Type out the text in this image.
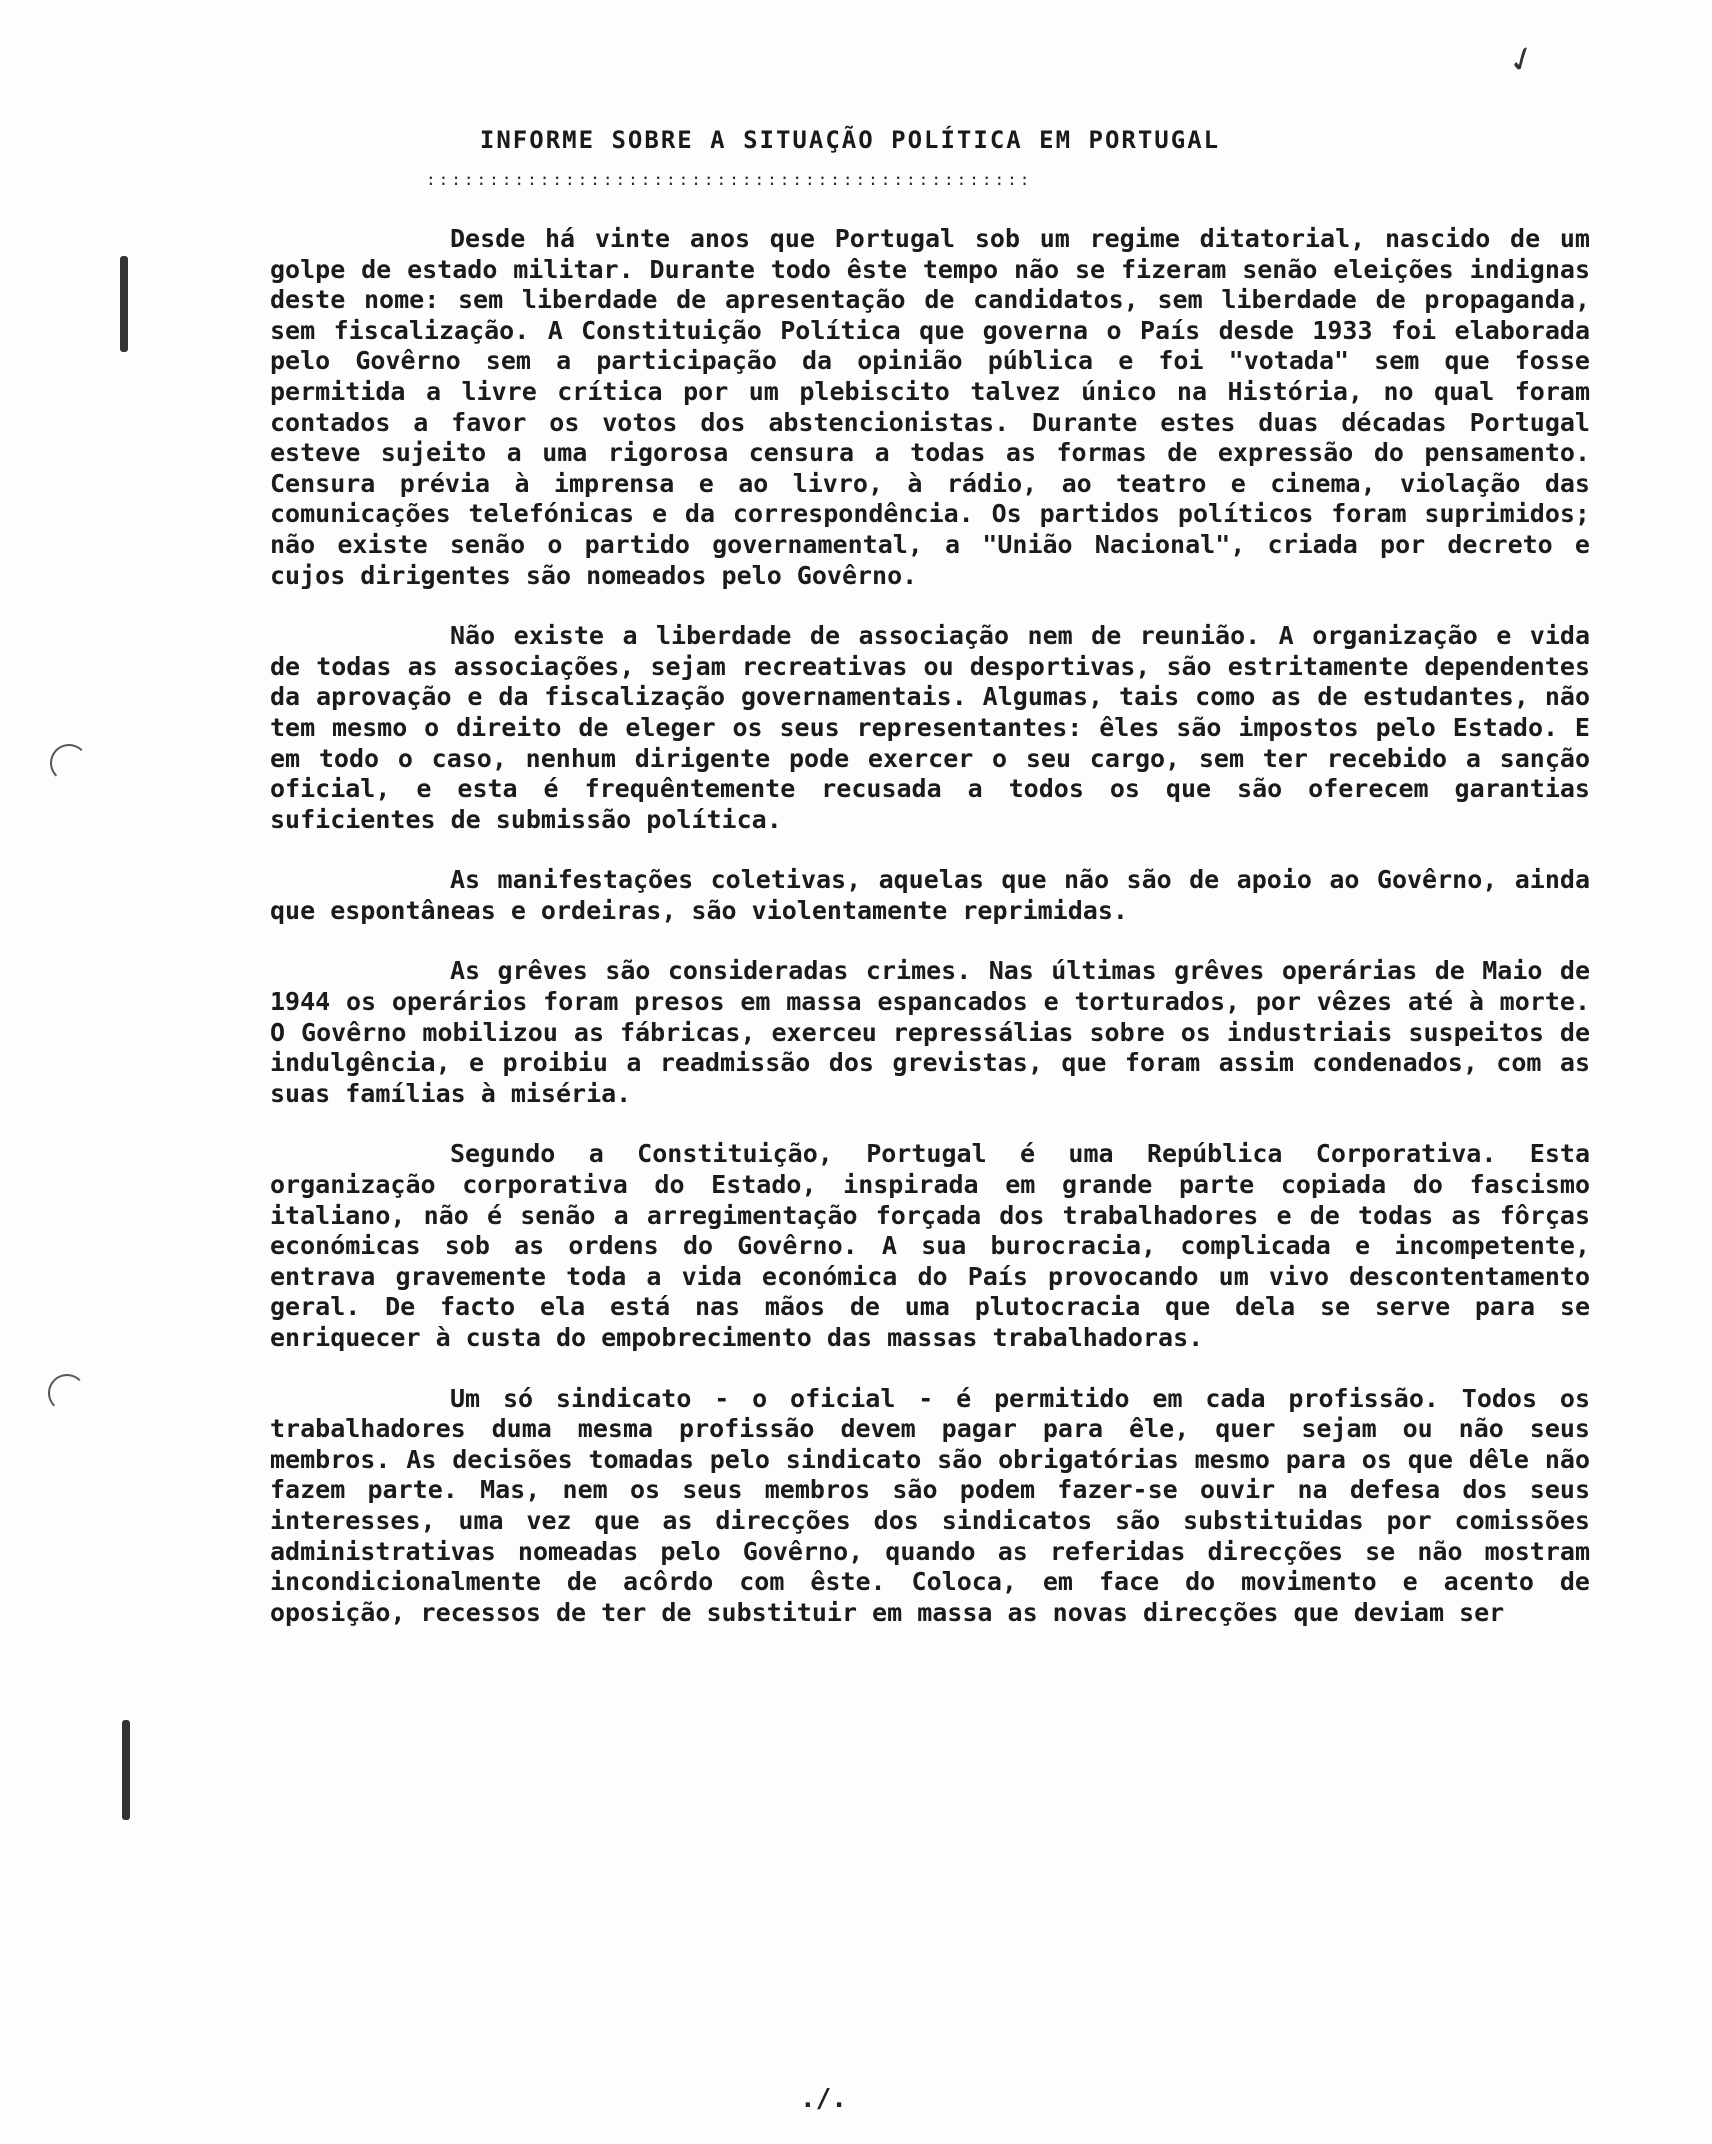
✓
INFORME SOBRE A SITUAÇÃO POLÍTICA EM PORTUGAL
::::::::::::::::::::::::::::::::::::::::::::::::

Desde há vinte anos que Portugal sob um regime ditatorial, nascido de um golpe de estado militar. Durante todo êste tempo não se fizeram senão eleições indignas deste nome: sem liberdade de apresentação de candidatos, sem liberdade de propaganda, sem fiscalização. A Constituição Política que governa o País desde 1933 foi elaborada pelo Govêrno sem a participação da opinião pública e foi "votada" sem que fosse permitida a livre crítica por um plebiscito talvez único na História, no qual foram contados a favor os votos dos abstencionistas. Durante estes duas décadas Portugal esteve sujeito a uma rigorosa censura a todas as formas de expressão do pensamento. Censura prévia à imprensa e ao livro, à rádio, ao teatro e cinema, violação das comunicações telefónicas e da correspondência. Os partidos políticos foram suprimidos; não existe senão o partido governamental, a "União Nacional", criada por decreto e cujos dirigentes são nomeados pelo Govêrno.

Não existe a liberdade de associação nem de reunião. A organização e vida de todas as associações, sejam recreativas ou desportivas, são estritamente dependentes da aprovação e da fiscalização governamentais. Algumas, tais como as de estudantes, não tem mesmo o direito de eleger os seus representantes: êles são impostos pelo Estado. E em todo o caso, nenhum dirigente pode exercer o seu cargo, sem ter recebido a sanção oficial, e esta é frequêntemente recusada a todos os que são oferecem garantias suficientes de submissão política.

As manifestações coletivas, aquelas que não são de apoio ao Govêrno, ainda que espontâneas e ordeiras, são violentamente reprimidas.

As grêves são consideradas crimes. Nas últimas grêves operárias de Maio de 1944 os operários foram presos em massa espancados e torturados, por vêzes até à morte. O Govêrno mobilizou as fábricas, exerceu repressálias sobre os industriais suspeitos de indulgência, e proibiu a readmissão dos grevistas, que foram assim condenados, com as suas famílias à miséria.

Segundo a Constituição, Portugal é uma República Corporativa. Esta organização corporativa do Estado, inspirada em grande parte copiada do fascismo italiano, não é senão a arregimentação forçada dos trabalhadores e de todas as fôrças económicas sob as ordens do Govêrno. A sua burocracia, complicada e incompetente, entrava gravemente toda a vida económica do País provocando um vivo descontentamento geral. De facto ela está nas mãos de uma plutocracia que dela se serve para se enriquecer à custa do empobrecimento das massas trabalhadoras.

Um só sindicato - o oficial - é permitido em cada profissão. Todos os trabalhadores duma mesma profissão devem pagar para êle, quer sejam ou não seus membros. As decisões tomadas pelo sindicato são obrigatórias mesmo para os que dêle não fazem parte. Mas, nem os seus membros são podem fazer-se ouvir na defesa dos seus interesses, uma vez que as direcções dos sindicatos são substituidas por comissões administrativas nomeadas pelo Govêrno, quando as referidas direcções se não mostram incondicionalmente de acôrdo com êste. Coloca, em face do movimento e acento de oposição, recessos de ter de substituir em massa as novas direcções que deviam ser

./.
